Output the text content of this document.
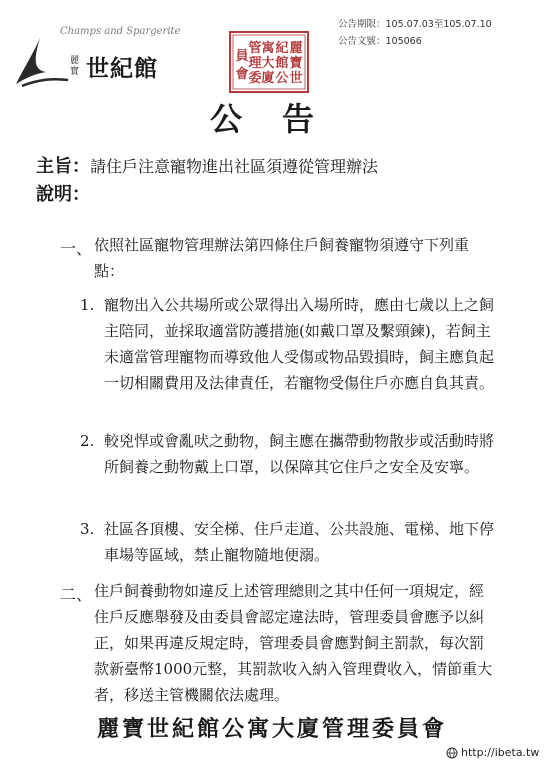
Champs and Spargerite
麗寶 世紀館
麗
寶
世
紀
館
公
寓
大
廈
管
理
委
員
會
公告期限：105.07.03至105.07.10
公告文號：105066
公告
主旨：請住戶注意寵物進出社區須遵從管理辦法
說明：
一、 依照社區寵物管理辦法第四條住戶飼養寵物須遵守下列重點：
1. 寵物出入公共場所或公眾得出入場所時，應由七歲以上之飼主陪同，並採取適當防護措施(如戴口罩及繫頸鍊)，若飼主未適當管理寵物而導致他人受傷或物品毀損時，飼主應負起一切相關費用及法律責任，若寵物受傷住戶亦應自負其責。
2. 較兇悍或會亂吠之動物，飼主應在攜帶動物散步或活動時將所飼養之動物戴上口罩，以保障其它住戶之安全及安寧。
3. 社區各頂樓、安全梯、住戶走道、公共設施、電梯、地下停車場等區域，禁止寵物隨地便溺。
二、 住戶飼養動物如違反上述管理總則之其中任何一項規定，經住戶反應舉發及由委員會認定違法時，管理委員會應予以糾正，如果再違反規定時，管理委員會應對飼主罰款，每次罰款新臺幣1000元整，其罰款收入納入管理費收入，情節重大者，移送主管機關依法處理。
麗寶世紀館公寓大廈管理委員會
http://ibeta.tw
